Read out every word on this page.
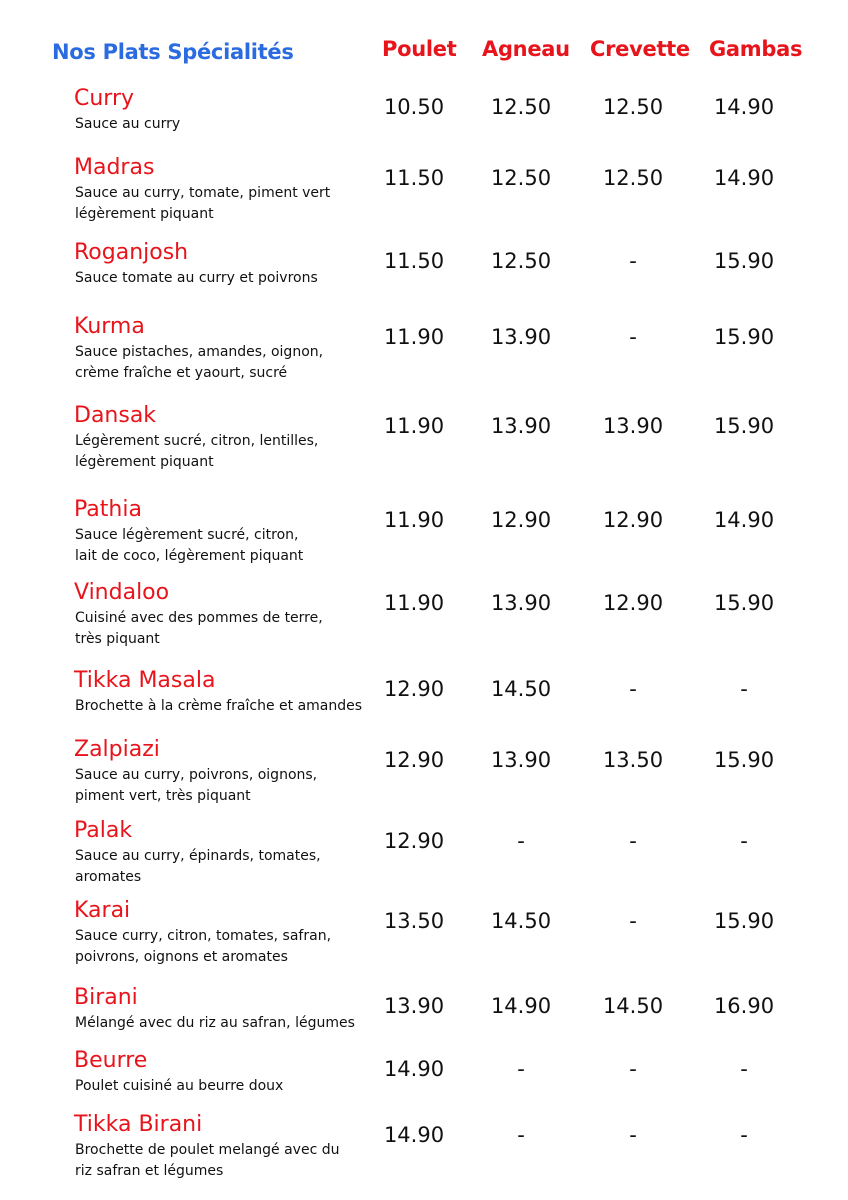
Nos Plats Spécialités	Poulet Agneau Crevette Gambas
Curry
Sauce au curry
10.50	12.50	12.50	14.90
Madras
Sauce au curry, tomate, piment vert
légèrement piquant
11.50	12.50	12.50	14.90
Roganjosh
Sauce tomate au curry et poivrons
11.50	12.50	-	15.90
Kurma
Sauce pistaches, amandes, oignon,
crème fraîche et yaourt, sucré
11.90	13.90	-	15.90
Dansak
Légèrement sucré, citron, lentilles,
légèrement piquant
11.90	13.90	13.90	15.90
Pathia
Sauce légèrement sucré, citron,
lait de coco, légèrement piquant
11.90	12.90	12.90	14.90
Vindaloo
Cuisiné avec des pommes de terre,
très piquant
11.90	13.90	12.90	15.90
Tikka Masala
Brochette à la crème fraîche et amandes
12.90	14.50	-	-
Zalpiazi
Sauce au curry, poivrons, oignons,
piment vert, très piquant
12.90	13.90	13.50	15.90
Palak
Sauce au curry, épinards, tomates,
aromates
12.90	-	-	-
Karai
Sauce curry, citron, tomates, safran,
poivrons, oignons et aromates
13.50	14.50	-	15.90
Birani
Mélangé avec du riz au safran, légumes
13.90	14.90	14.50	16.90
Beurre
Poulet cuisiné au beurre doux
14.90	-	-	-
Tikka Birani
Brochette de poulet melangé avec du
riz safran et légumes
14.90	-	-	-
